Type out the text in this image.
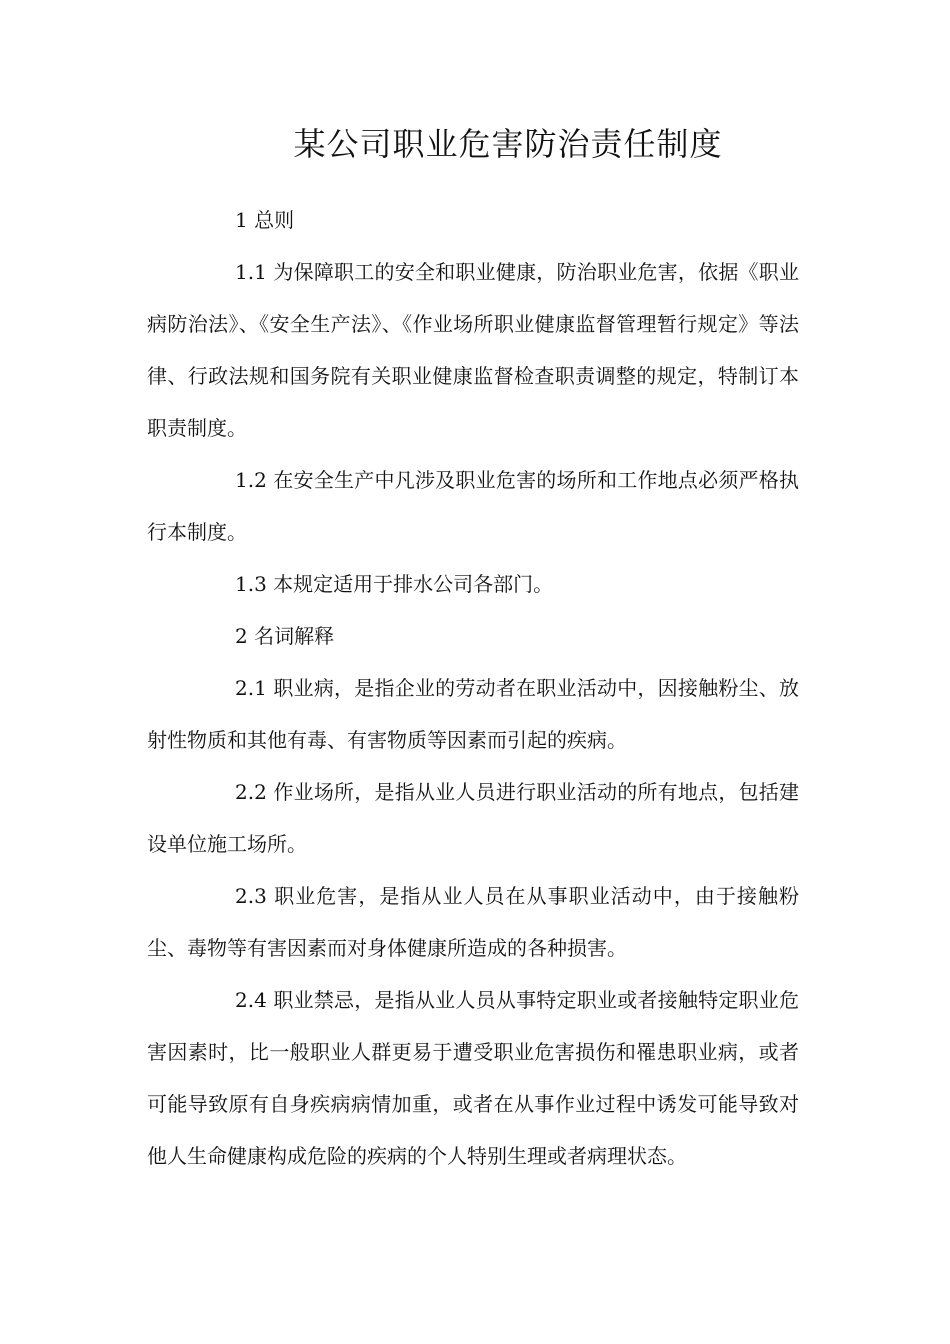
某公司职业危害防治责任制度

1 总则

1.1 为保障职工的安全和职业健康，防治职业危害，依据《职业病防治法》、《安全生产法》、《作业场所职业健康监督管理暂行规定》等法律、行政法规和国务院有关职业健康监督检查职责调整的规定，特制订本职责制度。

1.2 在安全生产中凡涉及职业危害的场所和工作地点必须严格执行本制度。

1.3 本规定适用于排水公司各部门。

2 名词解释

2.1 职业病，是指企业的劳动者在职业活动中，因接触粉尘、放射性物质和其他有毒、有害物质等因素而引起的疾病。

2.2 作业场所，是指从业人员进行职业活动的所有地点，包括建设单位施工场所。

2.3 职业危害，是指从业人员在从事职业活动中，由于接触粉尘、毒物等有害因素而对身体健康所造成的各种损害。

2.4 职业禁忌，是指从业人员从事特定职业或者接触特定职业危害因素时，比一般职业人群更易于遭受职业危害损伤和罹患职业病，或者可能导致原有自身疾病病情加重，或者在从事作业过程中诱发可能导致对他人生命健康构成危险的疾病的个人特别生理或者病理状态。
